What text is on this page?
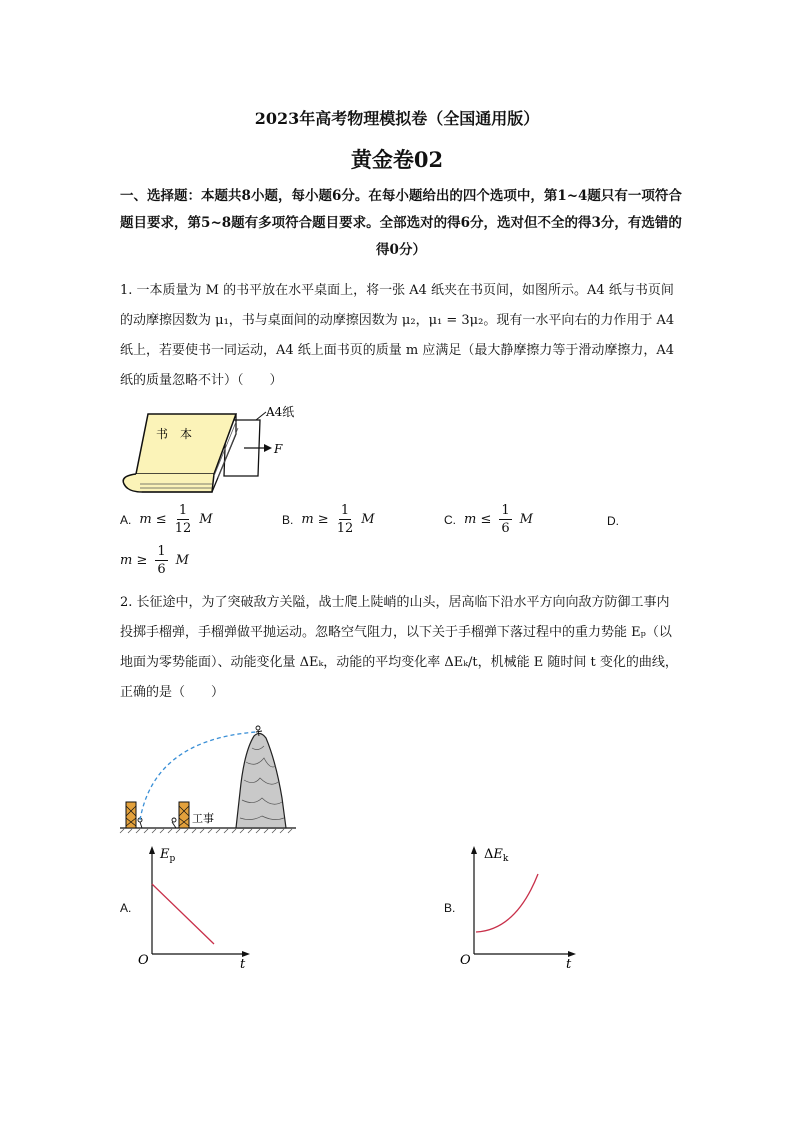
2023年高考物理模拟卷（全国通用版）
黄金卷02
一、选择题：本题共8小题，每小题6分。在每小题给出的四个选项中，第1~4题只有一项符合题目要求，第5~8题有多项符合题目要求。全部选对的得6分，选对但不全的得3分，有选错的得0分）
1. 一本质量为 M 的书平放在水平桌面上，将一张 A4 纸夹在书页间，如图所示。A4 纸与书页间的动摩擦因数为 μ₁，书与桌面间的动摩擦因数为 μ₂，μ₁ = 3μ₂。现有一水平向右的力作用于 A4 纸上，若要使书一同运动，A4 纸上面书页的质量 m 应满足（最大静摩擦力等于滑动摩擦力，A4 纸的质量忽略不计）（　　）
书　本
A4纸
F
A. $m \le \frac{1}{12}$ M	B. $m \ge \frac{1}{12}$ M	C. $m \le \frac{1}{6}$ M	D.
$m \ge \frac{1}{6}$ M
2. 长征途中，为了突破敌方关隘，战士爬上陡峭的山头，居高临下沿水平方向向敌方防御工事内投掷手榴弹，手榴弹做平抛运动。忽略空气阻力，以下关于手榴弹下落过程中的重力势能 Eₚ（以地面为零势能面）、动能变化量 ΔEₖ，动能的平均变化率 ΔEₖ/t，机械能 E 随时间 t 变化的曲线，正确的是（　　）
工事
A.
$E_p$
t
O
B.
$\Delta E_k$
t
O
